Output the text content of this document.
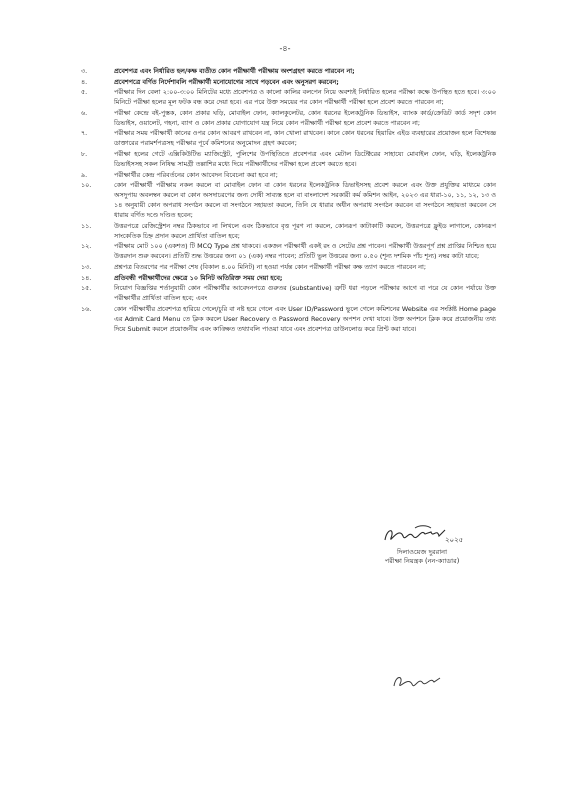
-৪-
৩.	প্রবেশপত্র এবং নির্ধারিত হল/কক্ষ ব্যতীত কোন পরীক্ষার্থী পরীক্ষায় অংশগ্রহণ করতে পারবেন না;
৪.	প্রবেশপত্রে বর্ণিত নির্দেশাবলি পরীক্ষার্থী মনোযোগের সাথে পড়বেন এবং অনুসরণ করবেন;
৫.	পরীক্ষার দিন বেলা ২:০০-৩:০০ মিনিটের মধ্যে প্রবেশপত্র ও কালো কালির বলপেন নিয়ে অবশ্যই নির্ধারিত হলের পরীক্ষা কক্ষে উপস্থিত হতে হবে। ৩:০০ মিনিটে পরীক্ষা হলের মূল ফটক বন্ধ করে দেয়া হবে। এর পরে উক্ত সময়ের পর কোন পরীক্ষার্থী পরীক্ষা হলে প্রবেশ করতে পারবেন না;
৬.	পরীক্ষা কেন্দ্রে বই-পুস্তক, কোন প্রকার ঘড়ি, মোবাইল ফোন, ক্যালকুলেটর, কোন ধরনের ইলেকট্রনিক ডিভাইস, ব্যাংক কার্ড/ক্রেডিট কার্ড সদৃশ কোন ডিভাইস, ওয়ালেট, গহনা, ব্যাগ ও কোন প্রকার যোগাযোগ যন্ত্র নিয়ে কোন পরীক্ষার্থী পরীক্ষা হলে প্রবেশ করতে পারবেন না;
৭.	পরীক্ষার সময় পরীক্ষার্থী কানের ওপর কোন আবরণ রাখবেন না, কান খোলা রাখবেন। কানে কোন ধরনের হিয়ারিং এইড ব্যবহারের প্রয়োজন হলে বিশেষজ্ঞ ডাক্তারের পরামর্শপত্রসহ পরীক্ষার পূর্বে কমিশনের অনুমোদন গ্রহণ করবেন;
৮.	পরীক্ষা হলের গেটে এক্সিকিউটিভ ম্যাজিস্ট্রেট, পুলিশের উপস্থিতিতে প্রবেশপত্র এবং মেটাল ডিটেক্টরের সাহায্যে মোবাইল ফোন, ঘড়ি, ইলেকট্রনিক ডিভাইসসহ সকল নিষিদ্ধ সামগ্রী তল্লাশির মধ্যে দিয়ে পরীক্ষার্থীদের পরীক্ষা হলে প্রবেশ করতে হবে।
৯.	পরীক্ষার্থীর কেন্দ্র পরিবর্তনের কোন আবেদন বিবেচনা করা হবে না;
১০.	কোন পরীক্ষার্থী পরীক্ষায় নকল করলে বা মোবাইল ফোন বা কোন ধরনের ইলেকট্রনিক ডিভাইসসহ প্রবেশ করলে এবং উক্ত প্রযুক্তির মাধ্যমে কোন অসদুপায় অবলম্বন করলে বা কোন অসদাচরণের জন্য দোষী সাব্যস্ত হলে বা বাংলাদেশ সরকারী কর্ম কমিশন আইন, ২০২৩ এর ধারা-১০, ১১, ১২, ১৩ ও ১৪ অনুযায়ী কোন অপরাধ সংগঠন করলে বা সংগঠনে সহায়তা করলে, তিনি যে ধারার অধীন অপরাধ সংগঠন করবেন বা সংগঠনে সহায়তা করবেন সে ধারায় বর্ণিত দণ্ডে দণ্ডিত হবেন;
১১.	উত্তরপত্রে রেজিস্ট্রেশন নম্বর ঠিকভাবে না লিখলে এবং ঠিকভাবে বৃত্ত পূরণ না করলে, কোনরূপ কাটাকাটি করলে, উত্তরপত্রে ফ্লুইড লাগালে, কোনরূপ সাংকেতিক চিহ্ন প্রদান করলে প্রার্থিতা বাতিল হবে;
১২.	পরীক্ষায় মোট ১০০ (একশত) টি MCQ Type প্রশ্ন থাকবে। একজন পরীক্ষার্থী একই রং ও সেটের প্রশ্ন পাবেন। পরীক্ষার্থী উত্তরপূর্ণ প্রশ্ন প্রাপ্তির নিশ্চিত হয়ে উত্তরদান শুরু করবেন। প্রতিটি শুদ্ধ উত্তরের জন্য ০১ (এক) নম্বর পাবেন; প্রতিটি ভুল উত্তরের জন্য ০.৫০ (শূন্য দশমিক পাঁচ শূন্য) নম্বর কাটা যাবে;
১৩.	প্রশ্নপত্র বিতরণের পর পরীক্ষা শেষ (বিকাল ৪.০০ মিনিট) না হওয়া পর্যন্ত কোন পরীক্ষার্থী পরীক্ষা কক্ষ ত্যাগ করতে পারবেন না;
১৪.	প্রতিবন্ধী পরীক্ষার্থীদের ক্ষেত্রে ১০ মিনিট অতিরিক্ত সময় দেয়া হবে;
১৫.	নিয়োগ বিজ্ঞপ্তির শর্তানুযায়ী কোন পরীক্ষার্থীর আবেদনপত্রে গুরুতর (substantive) ত্রুটি ধরা পড়লে পরীক্ষার আগে বা পরে যে কোন পর্যায়ে উক্ত পরীক্ষার্থীর প্রার্থিতা বাতিল হবে; এবং
১৬.	কোন পরীক্ষার্থীর প্রবেশপত্র হারিয়ে গেলে/চুরি বা নষ্ট হয়ে গেলে এবং User ID/Password ভুলে গেলে কমিশনের Website এর সংশ্লিষ্ট Home page এর Admit Card Menu তে ক্লিক করলে User Recovery ও Password Recovery অপশন দেখা যাবে। উক্ত অপশনে ক্লিক করে প্রয়োজনীয় তথ্য দিয়ে Submit করলে প্রয়োজনীয় এবং কাঙ্ক্ষিত তথ্যাবলি পাওয়া যাবে এবং প্রবেশপত্র ডাউনলোড করে প্রিন্ট করা যাবে।
২০২৫
দিলাওয়েজ দুররানা
পরীক্ষা নিয়ন্ত্রক (নন-ক্যাডার)
